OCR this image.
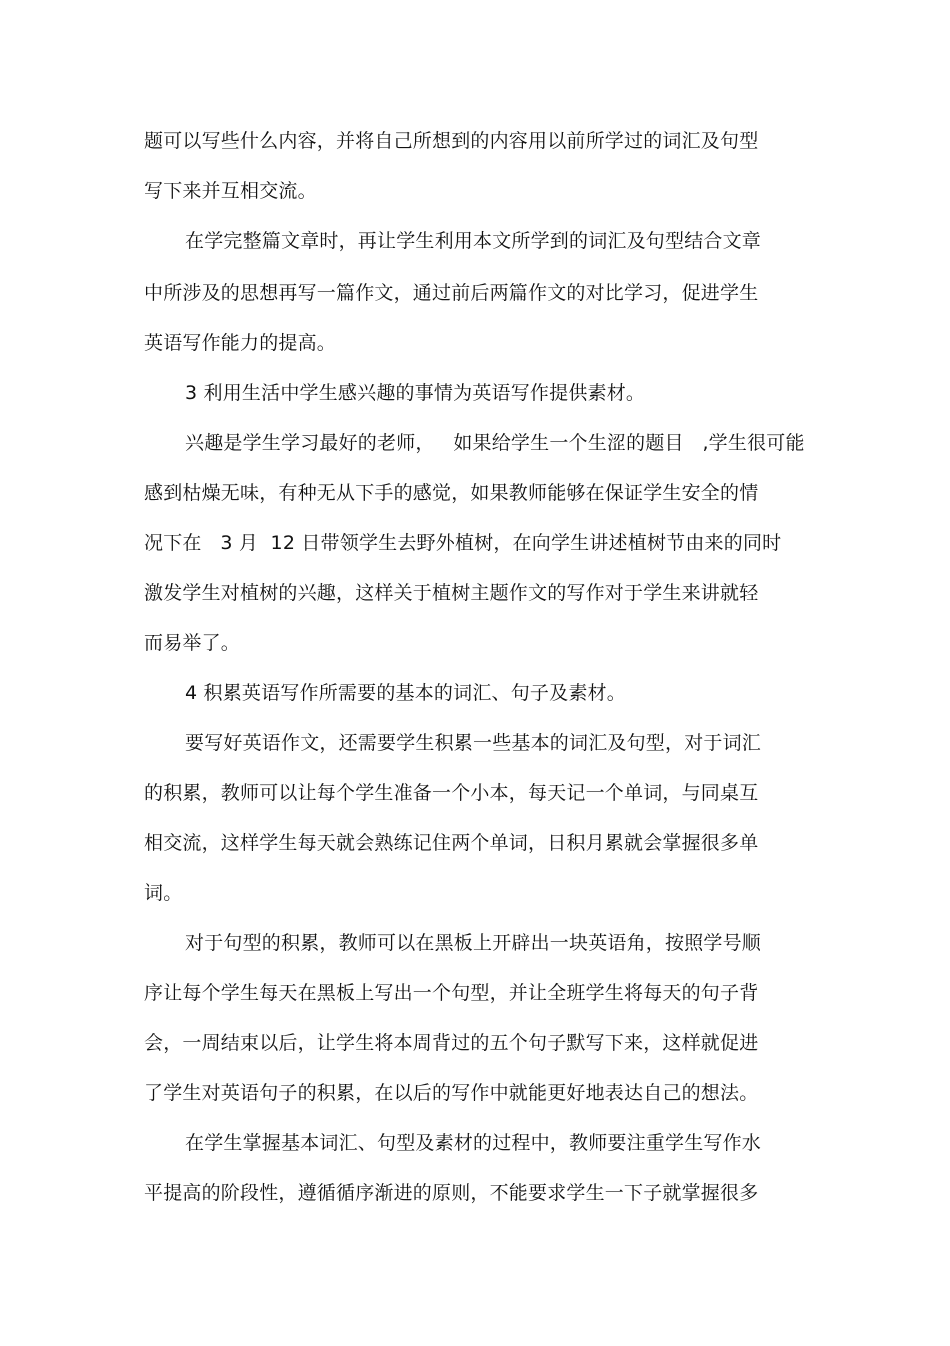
题可以写些什么内容，并将自己所想到的内容用以前所学过的词汇及句型
写下来并互相交流。
在学完整篇文章时，再让学生利用本文所学到的词汇及句型结合文章
中所涉及的思想再写一篇作文，通过前后两篇作文的对比学习，促进学生
英语写作能力的提高。
3 利用生活中学生感兴趣的事情为英语写作提供素材。
兴趣是学生学习最好的老师，   如果给学生一个生涩的题目   ,学生很可能
感到枯燥无味，有种无从下手的感觉，如果教师能够在保证学生安全的情
况下在   3 月  12 日带领学生去野外植树，在向学生讲述植树节由来的同时
激发学生对植树的兴趣，这样关于植树主题作文的写作对于学生来讲就轻
而易举了。
4 积累英语写作所需要的基本的词汇、句子及素材。
要写好英语作文，还需要学生积累一些基本的词汇及句型，对于词汇
的积累，教师可以让每个学生准备一个小本，每天记一个单词，与同桌互
相交流，这样学生每天就会熟练记住两个单词，日积月累就会掌握很多单
词。
对于句型的积累，教师可以在黑板上开辟出一块英语角，按照学号顺
序让每个学生每天在黑板上写出一个句型，并让全班学生将每天的句子背
会，一周结束以后，让学生将本周背过的五个句子默写下来，这样就促进
了学生对英语句子的积累，在以后的写作中就能更好地表达自己的想法。
在学生掌握基本词汇、句型及素材的过程中，教师要注重学生写作水
平提高的阶段性，遵循循序渐进的原则，不能要求学生一下子就掌握很多
